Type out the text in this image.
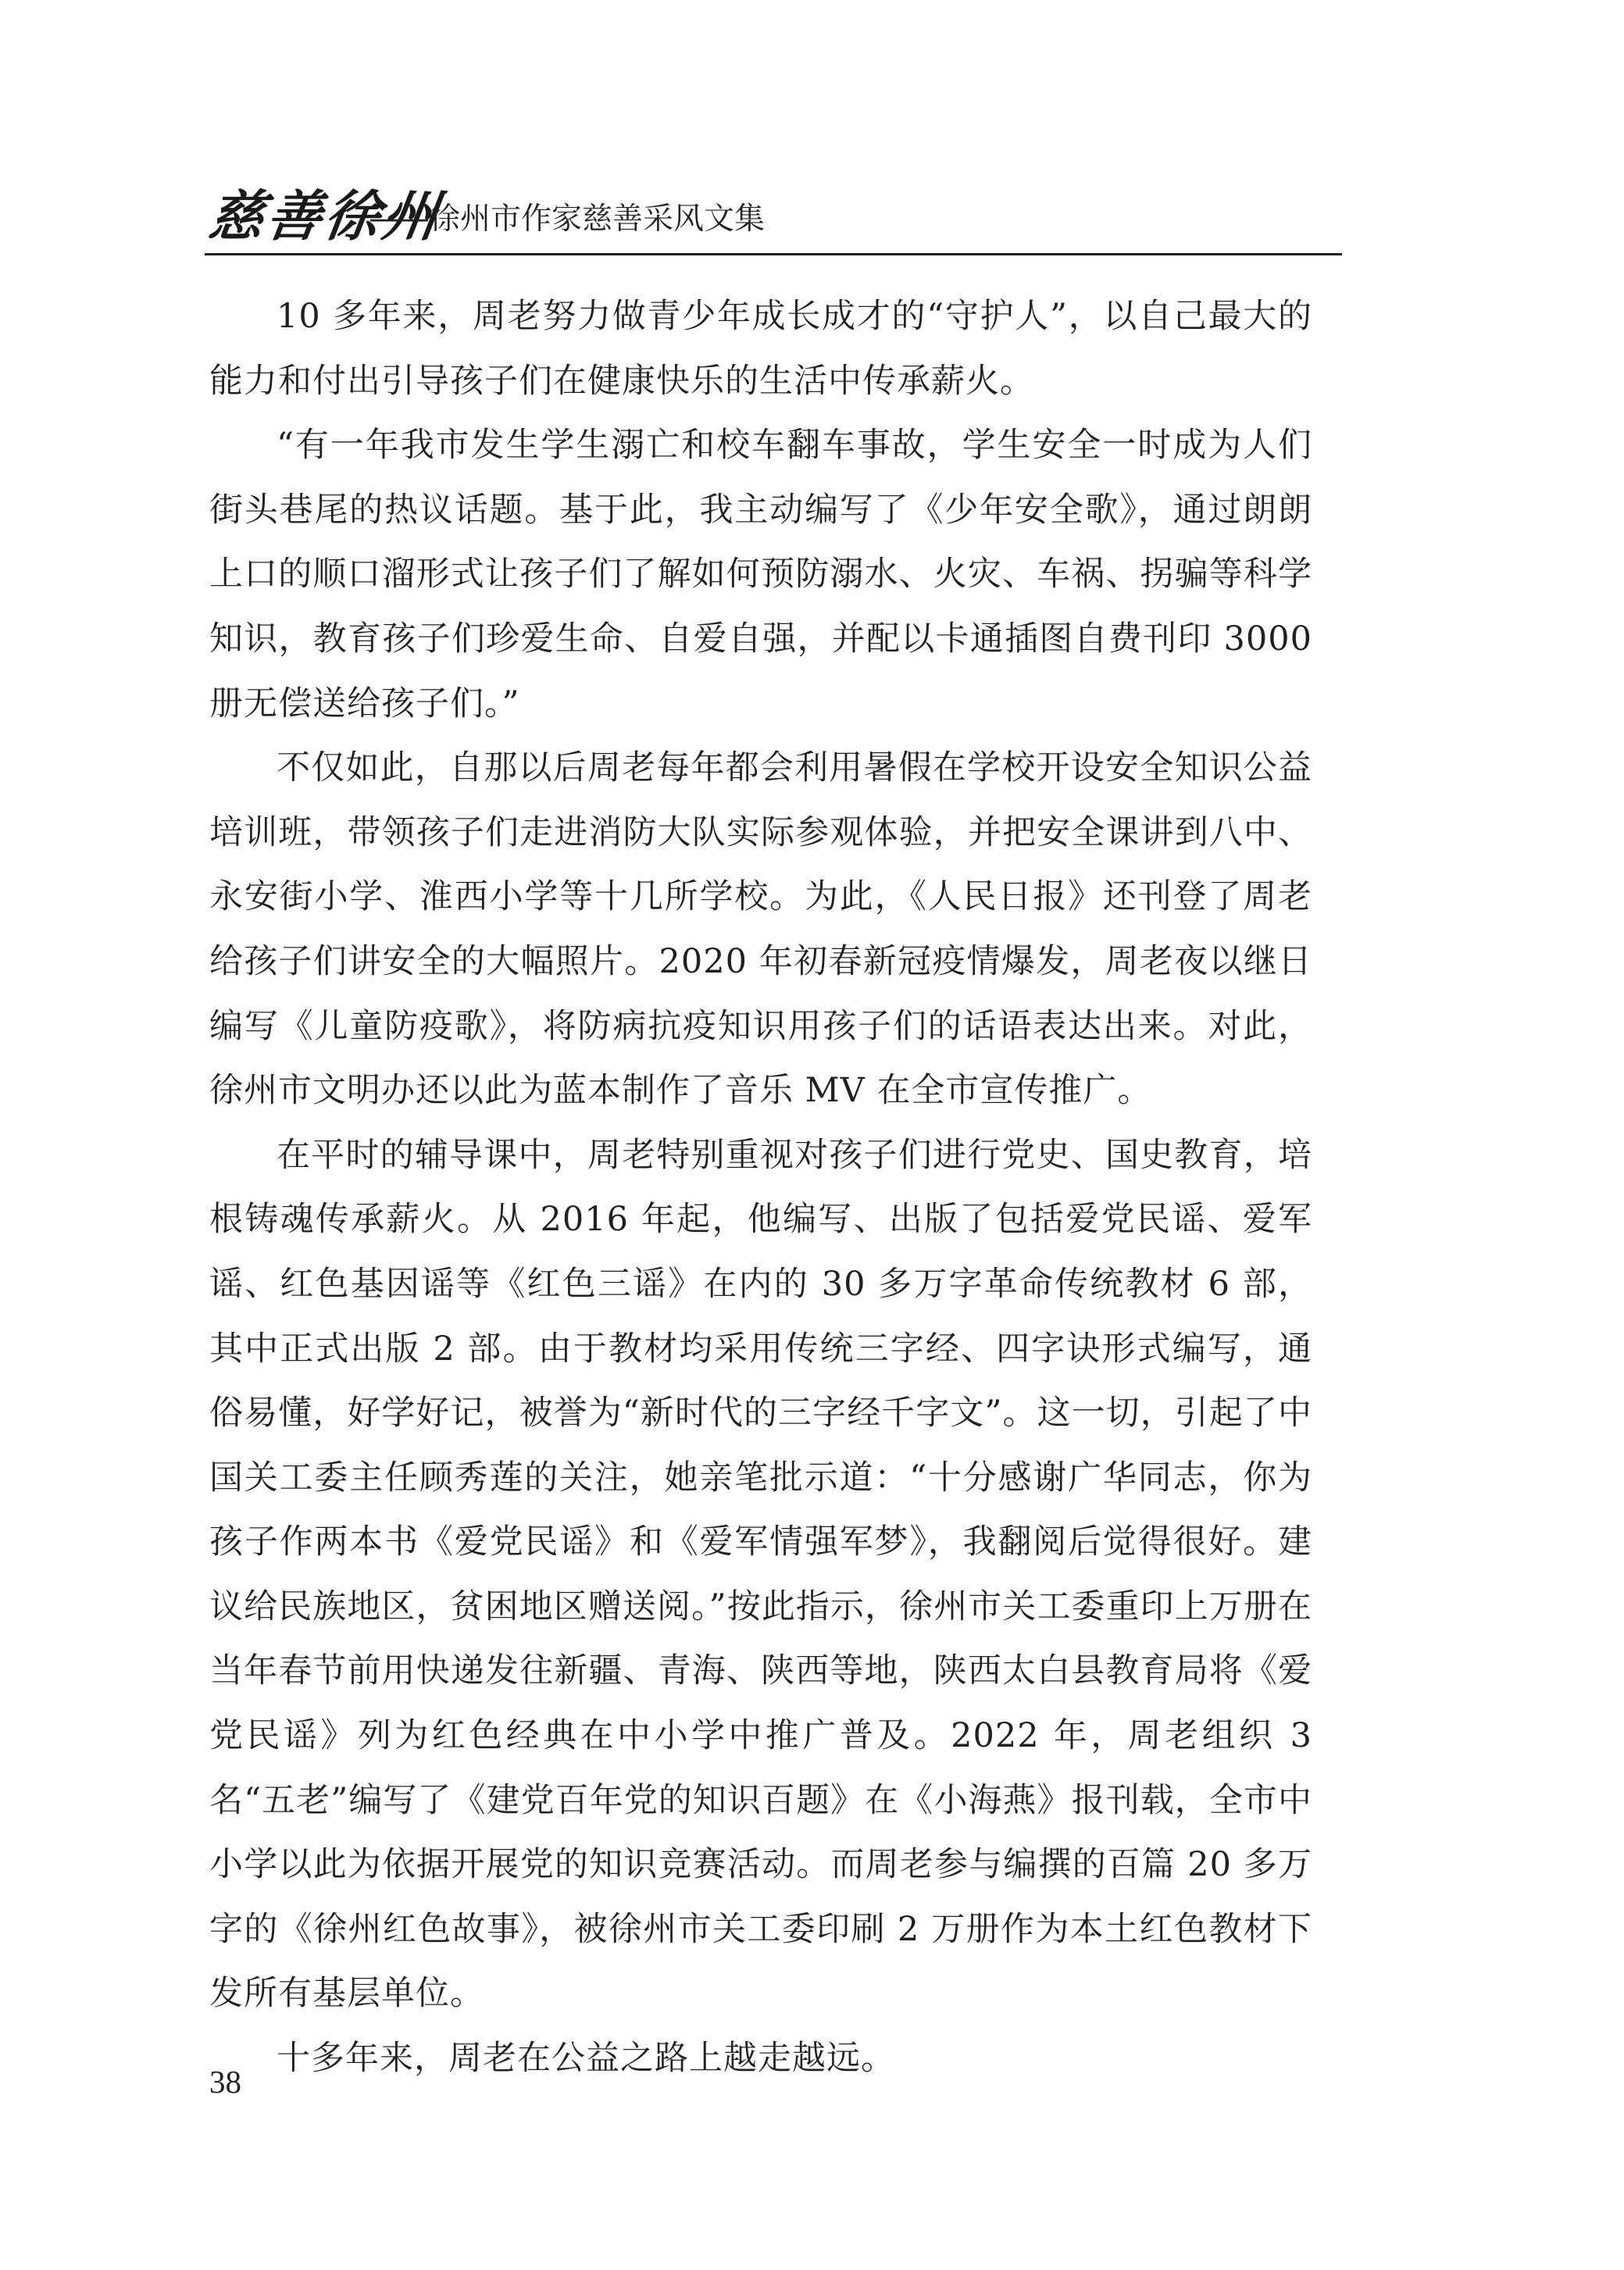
慈善徐州
——徐州市作家慈善采风文集

10 多年来，周老努力做青少年成长成才的“守护人”，以自己最大的能力和付出引导孩子们在健康快乐的生活中传承薪火。

“有一年我市发生学生溺亡和校车翻车事故，学生安全一时成为人们街头巷尾的热议话题。基于此，我主动编写了《少年安全歌》，通过朗朗上口的顺口溜形式让孩子们了解如何预防溺水、火灾、车祸、拐骗等科学知识，教育孩子们珍爱生命、自爱自强，并配以卡通插图自费刊印 3000 册无偿送给孩子们。”

不仅如此，自那以后周老每年都会利用暑假在学校开设安全知识公益培训班，带领孩子们走进消防大队实际参观体验，并把安全课讲到八中、永安街小学、淮西小学等十几所学校。为此，《人民日报》还刊登了周老给孩子们讲安全的大幅照片。2020 年初春新冠疫情爆发，周老夜以继日编写《儿童防疫歌》，将防病抗疫知识用孩子们的话语表达出来。对此，徐州市文明办还以此为蓝本制作了音乐 MV 在全市宣传推广。

在平时的辅导课中，周老特别重视对孩子们进行党史、国史教育，培根铸魂传承薪火。从 2016 年起，他编写、出版了包括爱党民谣、爱军谣、红色基因谣等《红色三谣》在内的 30 多万字革命传统教材 6 部，其中正式出版 2 部。由于教材均采用传统三字经、四字诀形式编写，通俗易懂，好学好记，被誉为“新时代的三字经千字文”。这一切，引起了中国关工委主任顾秀莲的关注，她亲笔批示道：“十分感谢广华同志，你为孩子作两本书《爱党民谣》和《爱军情强军梦》，我翻阅后觉得很好。建议给民族地区，贫困地区赠送阅。”按此指示，徐州市关工委重印上万册在当年春节前用快递发往新疆、青海、陕西等地，陕西太白县教育局将《爱党民谣》列为红色经典在中小学中推广普及。2022 年，周老组织 3 名“五老”编写了《建党百年党的知识百题》在《小海燕》报刊载，全市中小学以此为依据开展党的知识竞赛活动。而周老参与编撰的百篇 20 多万字的《徐州红色故事》，被徐州市关工委印刷 2 万册作为本土红色教材下发所有基层单位。

十多年来，周老在公益之路上越走越远。

38
